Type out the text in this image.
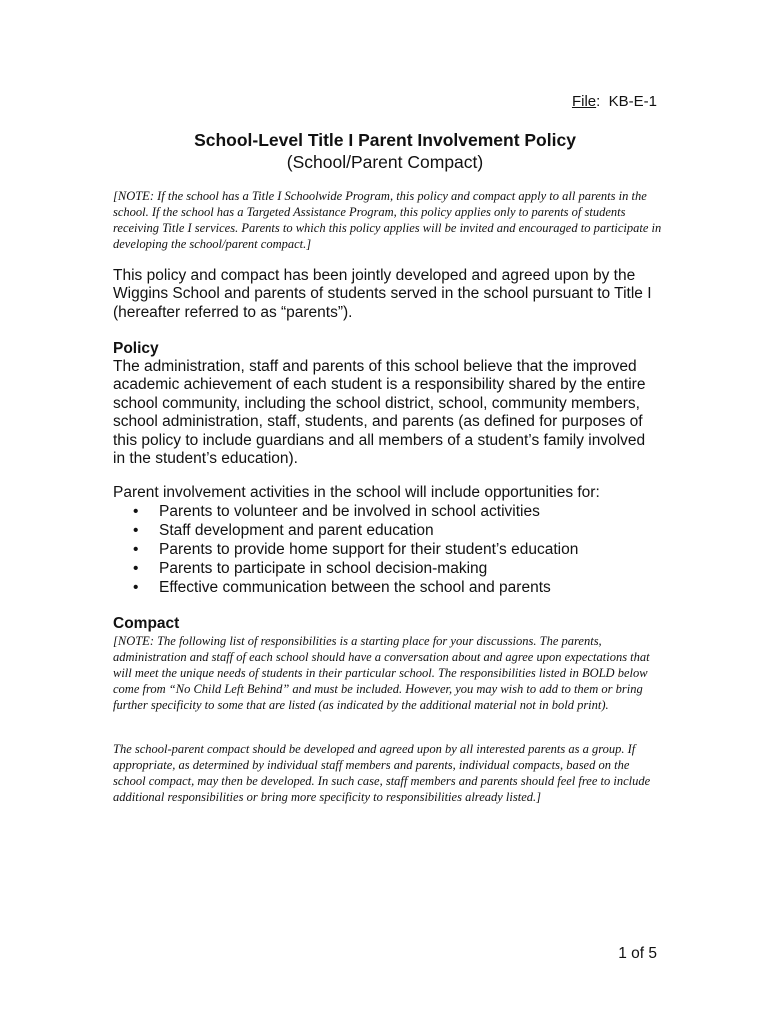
File: KB-E-1
School-Level Title I Parent Involvement Policy
(School/Parent Compact)
[NOTE: If the school has a Title I Schoolwide Program, this policy and compact apply to all parents in the school. If the school has a Targeted Assistance Program, this policy applies only to parents of students receiving Title I services. Parents to which this policy applies will be invited and encouraged to participate in developing the school/parent compact.]
This policy and compact has been jointly developed and agreed upon by the Wiggins School and parents of students served in the school pursuant to Title I (hereafter referred to as “parents”).
Policy
The administration, staff and parents of this school believe that the improved academic achievement of each student is a responsibility shared by the entire school community, including the school district, school, community members, school administration, staff, students, and parents (as defined for purposes of this policy to include guardians and all members of a student’s family involved in the student’s education).
Parent involvement activities in the school will include opportunities for:
• Parents to volunteer and be involved in school activities
• Staff development and parent education
• Parents to provide home support for their student’s education
• Parents to participate in school decision-making
• Effective communication between the school and parents
Compact
[NOTE: The following list of responsibilities is a starting place for your discussions. The parents, administration and staff of each school should have a conversation about and agree upon expectations that will meet the unique needs of students in their particular school. The responsibilities listed in BOLD below come from “No Child Left Behind” and must be included. However, you may wish to add to them or bring further specificity to some that are listed (as indicated by the additional material not in bold print).
The school-parent compact should be developed and agreed upon by all interested parents as a group. If appropriate, as determined by individual staff members and parents, individual compacts, based on the school compact, may then be developed. In such case, staff members and parents should feel free to include additional responsibilities or bring more specificity to responsibilities already listed.]
1 of 5
